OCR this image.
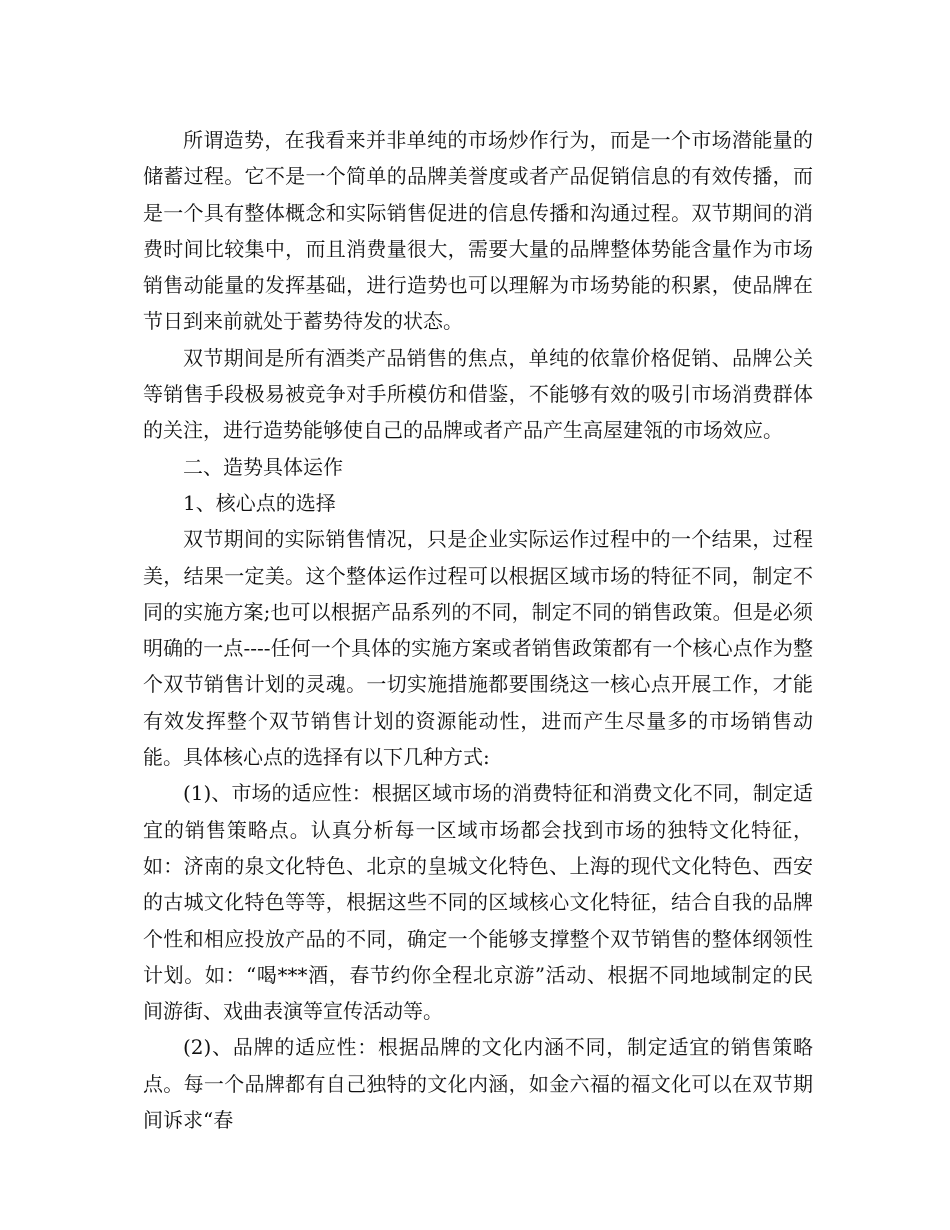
所谓造势，在我看来并非单纯的市场炒作行为，而是一个市场潜能量的储蓄过程。它不是一个简单的品牌美誉度或者产品促销信息的有效传播，而是一个具有整体概念和实际销售促进的信息传播和沟通过程。双节期间的消费时间比较集中，而且消费量很大，需要大量的品牌整体势能含量作为市场销售动能量的发挥基础，进行造势也可以理解为市场势能的积累，使品牌在节日到来前就处于蓄势待发的状态。

双节期间是所有酒类产品销售的焦点，单纯的依靠价格促销、品牌公关等销售手段极易被竞争对手所模仿和借鉴，不能够有效的吸引市场消费群体的关注，进行造势能够使自己的品牌或者产品产生高屋建瓴的市场效应。

二、造势具体运作

1、核心点的选择

双节期间的实际销售情况，只是企业实际运作过程中的一个结果，过程美，结果一定美。这个整体运作过程可以根据区域市场的特征不同，制定不同的实施方案;也可以根据产品系列的不同，制定不同的销售政策。但是必须明确的一点----任何一个具体的实施方案或者销售政策都有一个核心点作为整个双节销售计划的灵魂。一切实施措施都要围绕这一核心点开展工作，才能有效发挥整个双节销售计划的资源能动性，进而产生尽量多的市场销售动能。具体核心点的选择有以下几种方式:

(1)、市场的适应性：根据区域市场的消费特征和消费文化不同，制定适宜的销售策略点。认真分析每一区域市场都会找到市场的独特文化特征，如：济南的泉文化特色、北京的皇城文化特色、上海的现代文化特色、西安的古城文化特色等等，根据这些不同的区域核心文化特征，结合自我的品牌个性和相应投放产品的不同，确定一个能够支撑整个双节销售的整体纲领性计划。如：“喝***酒，春节约你全程北京游”活动、根据不同地域制定的民间游街、戏曲表演等宣传活动等。

(2)、品牌的适应性：根据品牌的文化内涵不同，制定适宜的销售策略点。每一个品牌都有自己独特的文化内涵，如金六福的福文化可以在双节期间诉求“春
